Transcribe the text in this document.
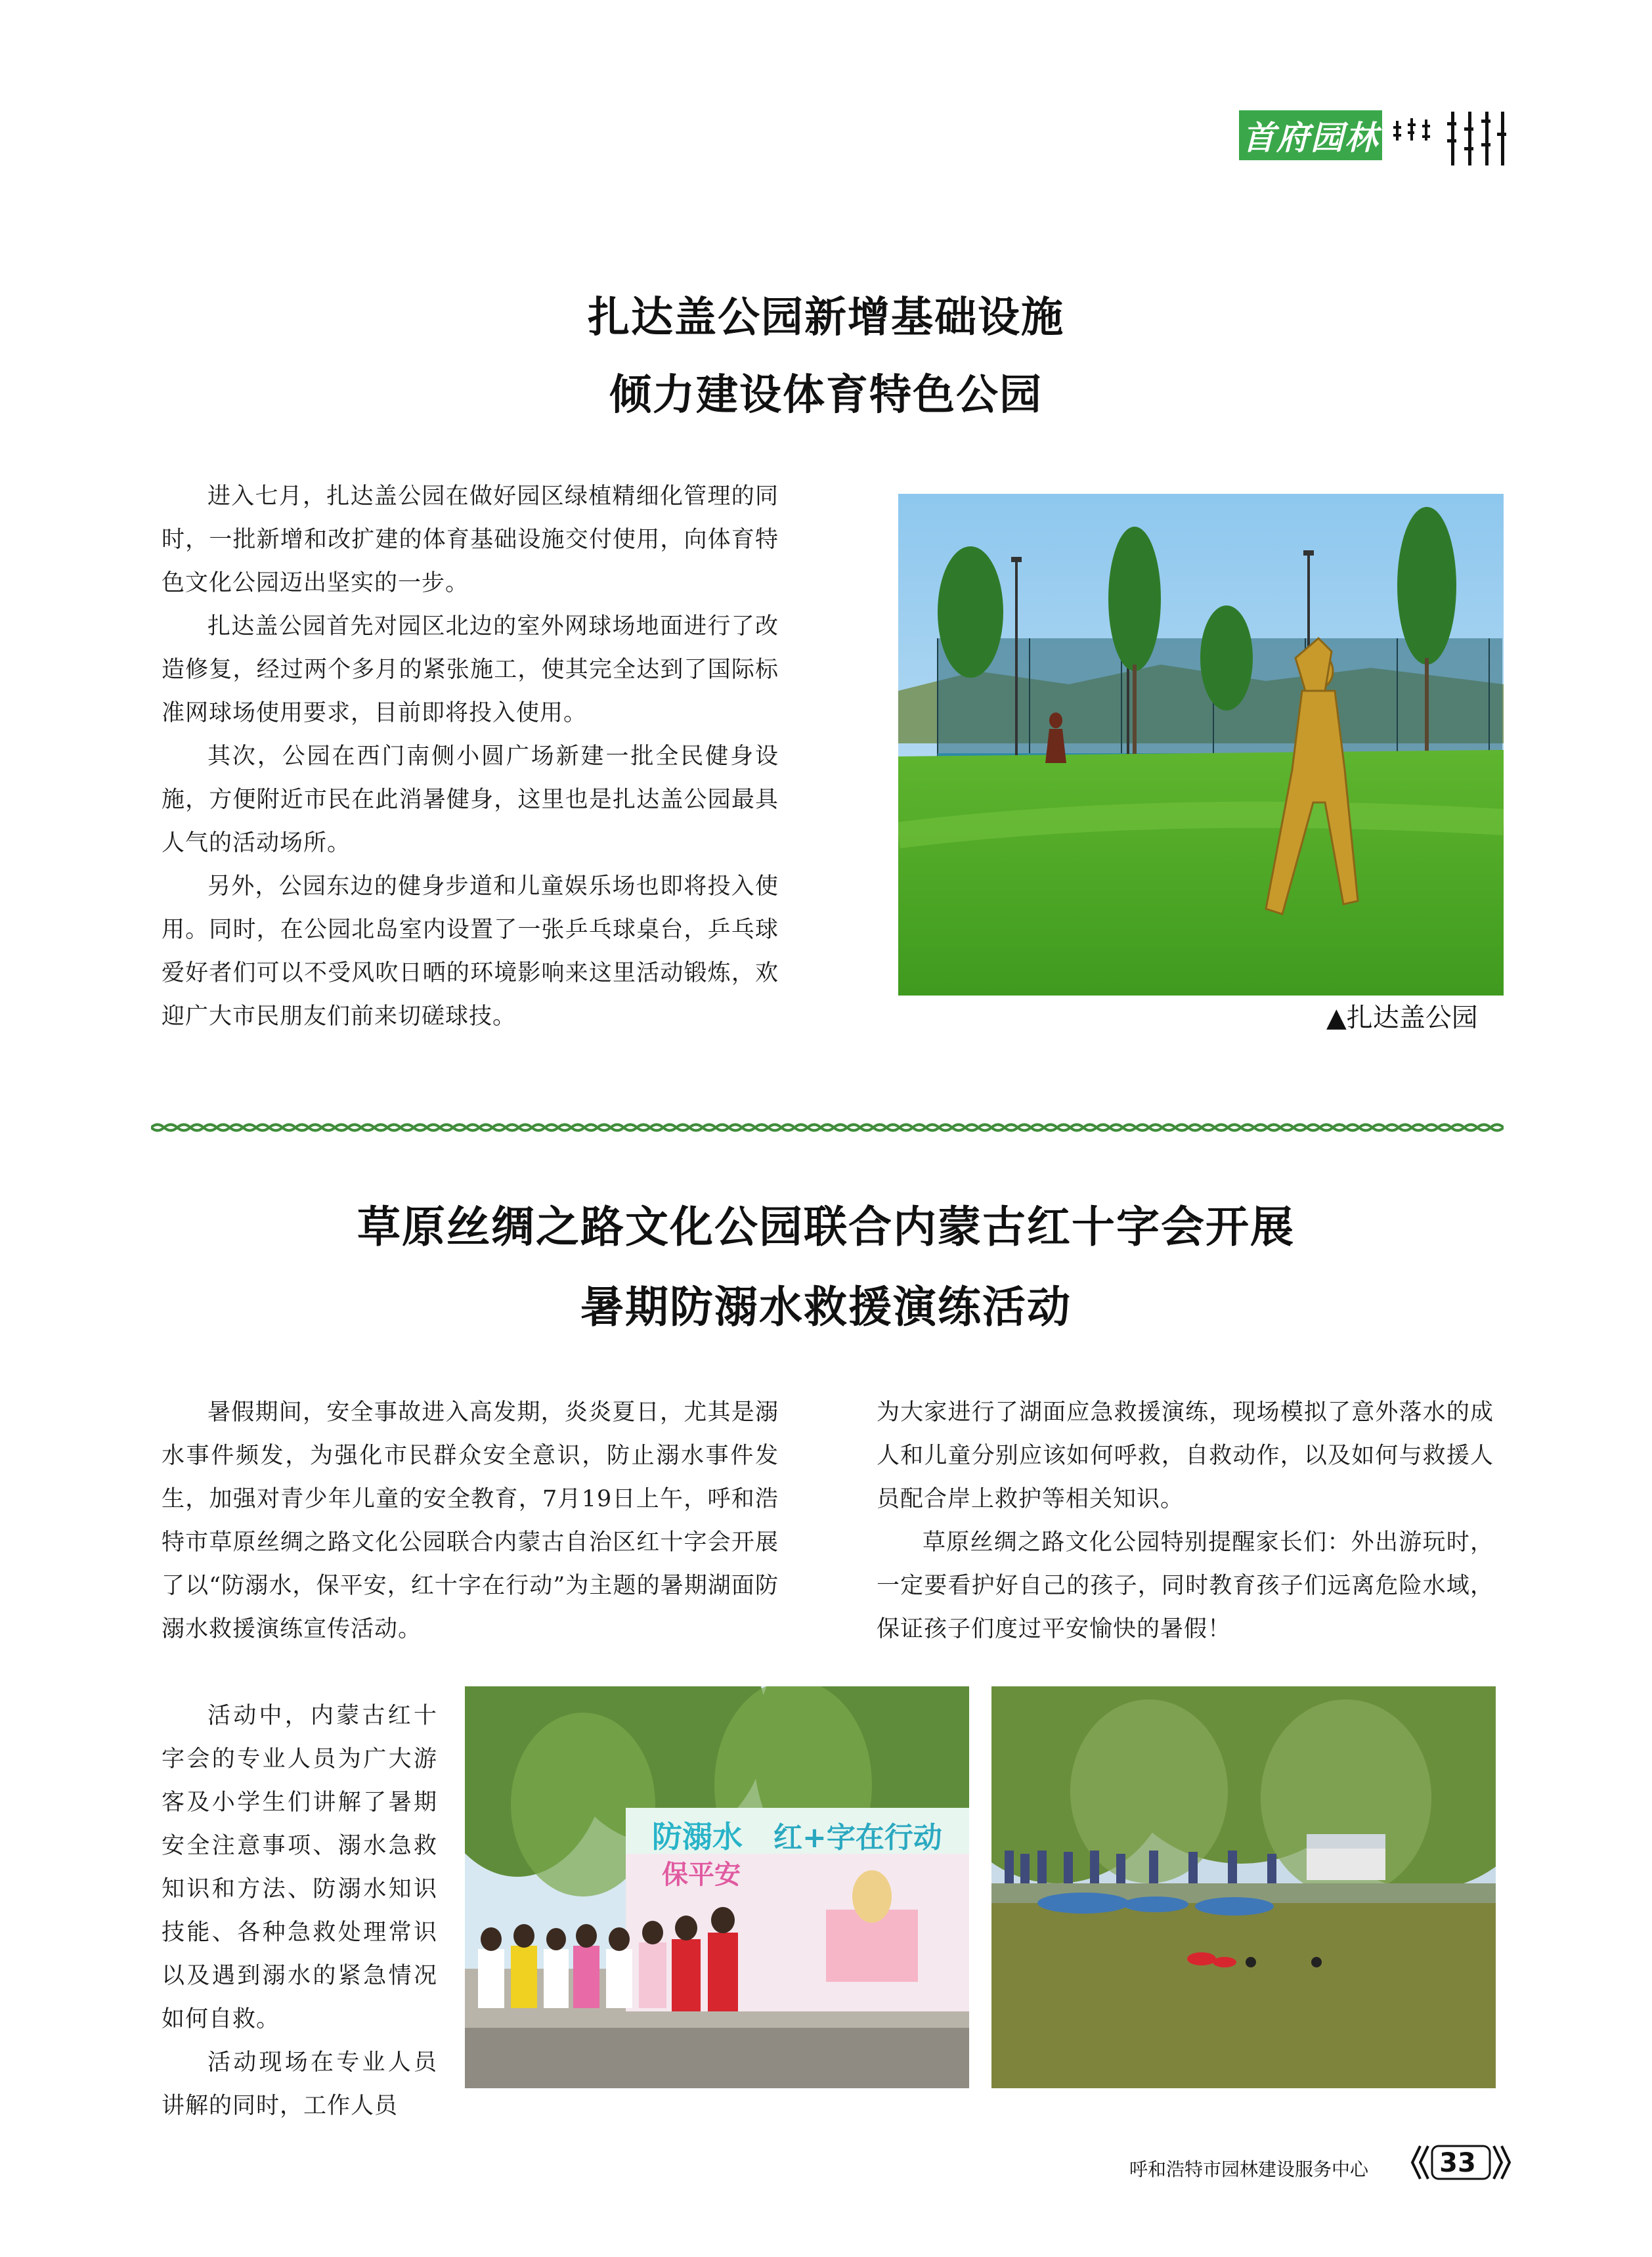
首府园林
扎达盖公园新增基础设施
倾力建设体育特色公园

进入七月，扎达盖公园在做好园区绿植精细化管理的同时，一批新增和改扩建的体育基础设施交付使用，向体育特色文化公园迈出坚实的一步。

扎达盖公园首先对园区北边的室外网球场地面进行了改造修复，经过两个多月的紧张施工，使其完全达到了国际标准网球场使用要求，目前即将投入使用。

其次，公园在西门南侧小圆广场新建一批全民健身设施，方便附近市民在此消暑健身，这里也是扎达盖公园最具人气的活动场所。

另外，公园东边的健身步道和儿童娱乐场也即将投入使用。同时，在公园北岛室内设置了一张乒乓球桌台，乒乓球爱好者们可以不受风吹日晒的环境影响来这里活动锻炼，欢迎广大市民朋友们前来切磋球技。	▲扎达盖公园
草原丝绸之路文化公园联合内蒙古红十字会开展
暑期防溺水救援演练活动

暑假期间，安全事故进入高发期，炎炎夏日，尤其是溺水事件频发，为强化市民群众安全意识，防止溺水事件发生，加强对青少年儿童的安全教育，7月19日上午，呼和浩特市草原丝绸之路文化公园联合内蒙古自治区红十字会开展了以“防溺水，保平安，红十字在行动”为主题的暑期湖面防溺水救援演练宣传活动。

活动中，内蒙古红十字会的专业人员为广大游客及小学生们讲解了暑期安全注意事项、溺水急救知识和方法、防溺水知识技能、各种急救处理常识以及遇到溺水的紧急情况如何自救。

活动现场在专业人员讲解的同时，工作人员

为大家进行了湖面应急救援演练，现场模拟了意外落水的成人和儿童分别应该如何呼救，自救动作，以及如何与救援人员配合岸上救护等相关知识。

草原丝绸之路文化公园特别提醒家长们：外出游玩时，一定要看护好自己的孩子，同时教育孩子们远离危险水域，保证孩子们度过平安愉快的暑假！

防溺水
保平安
红+字在行动
呼和浩特市园林建设服务中心	33
